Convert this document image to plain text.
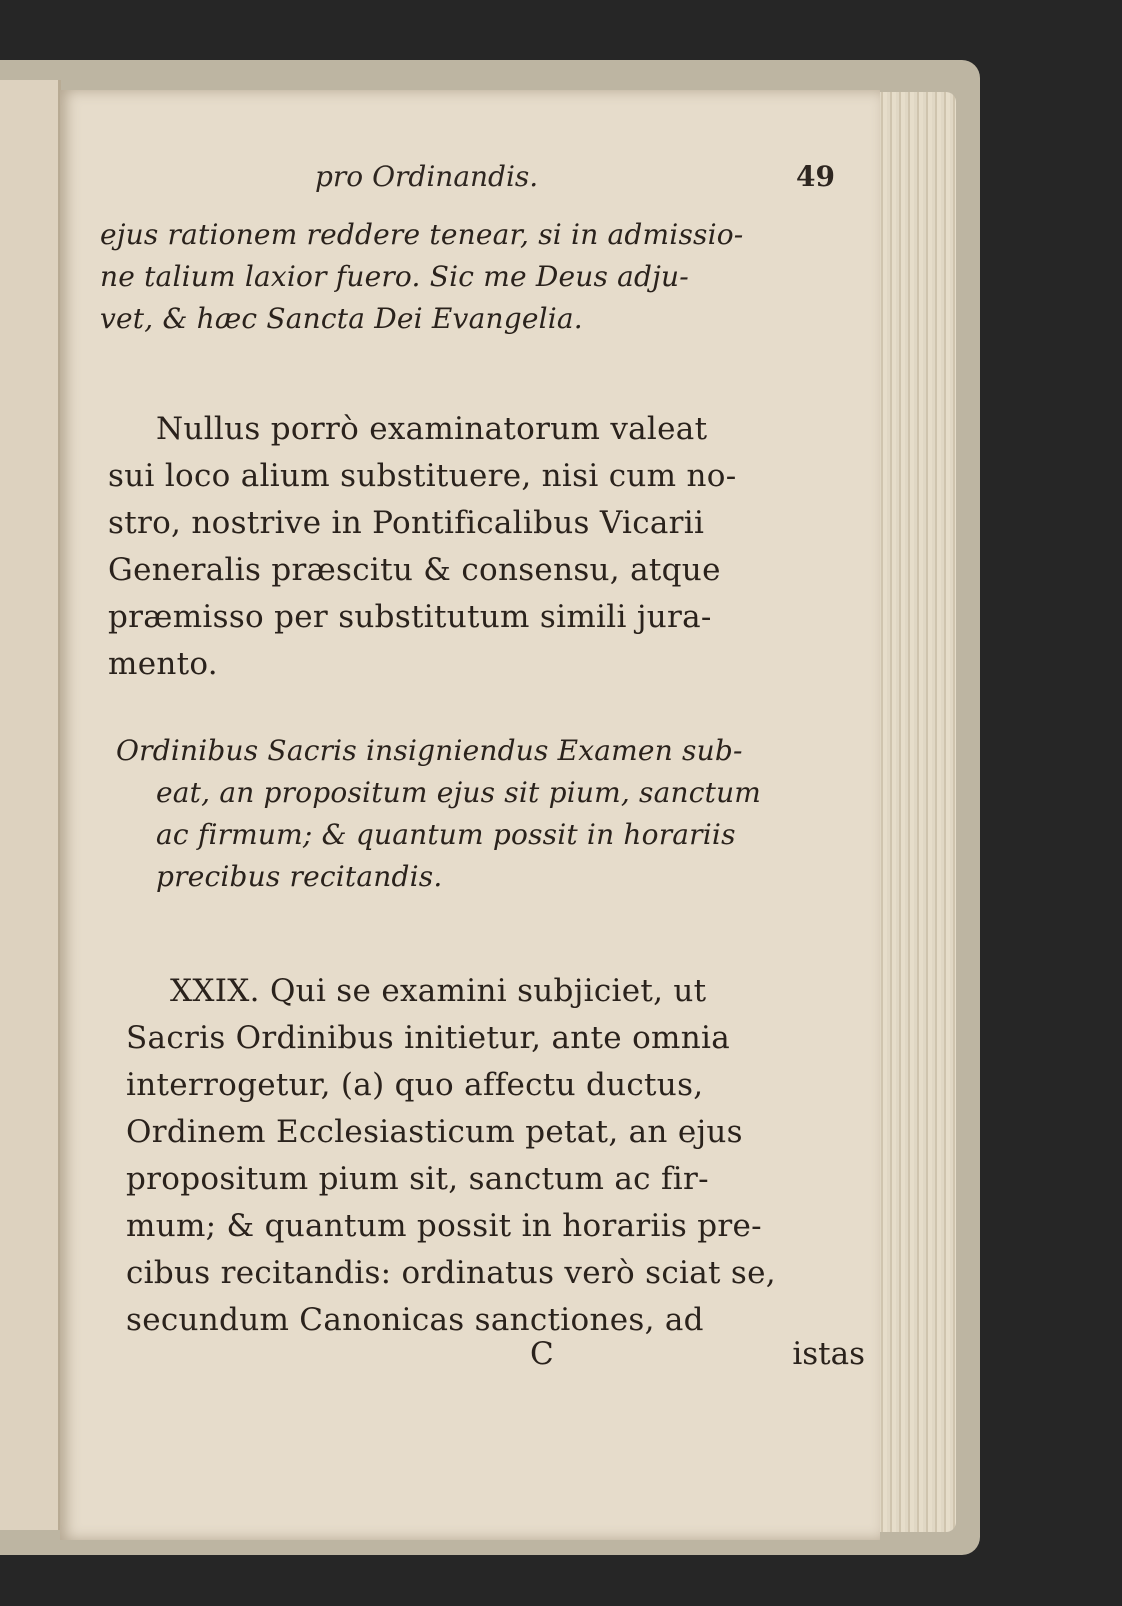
pro Ordinandis.	49
ejus rationem reddere tenear, si in admissio-
ne talium laxior fuero. Sic me Deus adju-
vet, & hæc Sancta Dei Evangelia.
Nullus porrò examinatorum valeat
sui loco alium substituere, nisi cum no-
stro, nostrive in Pontificalibus Vicarii
Generalis præscitu & consensu, atque
præmisso per substitutum simili jura-
mento.
Ordinibus Sacris insigniendus Examen sub-
eat, an propositum ejus sit pium, sanctum
ac firmum; & quantum possit in horariis
precibus recitandis.
XXIX. Qui se examini subjiciet, ut
Sacris Ordinibus initietur, ante omnia
interrogetur, (a) quo affectu ductus,
Ordinem Ecclesiasticum petat, an ejus
propositum pium sit, sanctum ac fir-
mum; & quantum possit in horariis pre-
cibus recitandis: ordinatus verò sciat se,
secundum Canonicas sanctiones, ad
C	istas
